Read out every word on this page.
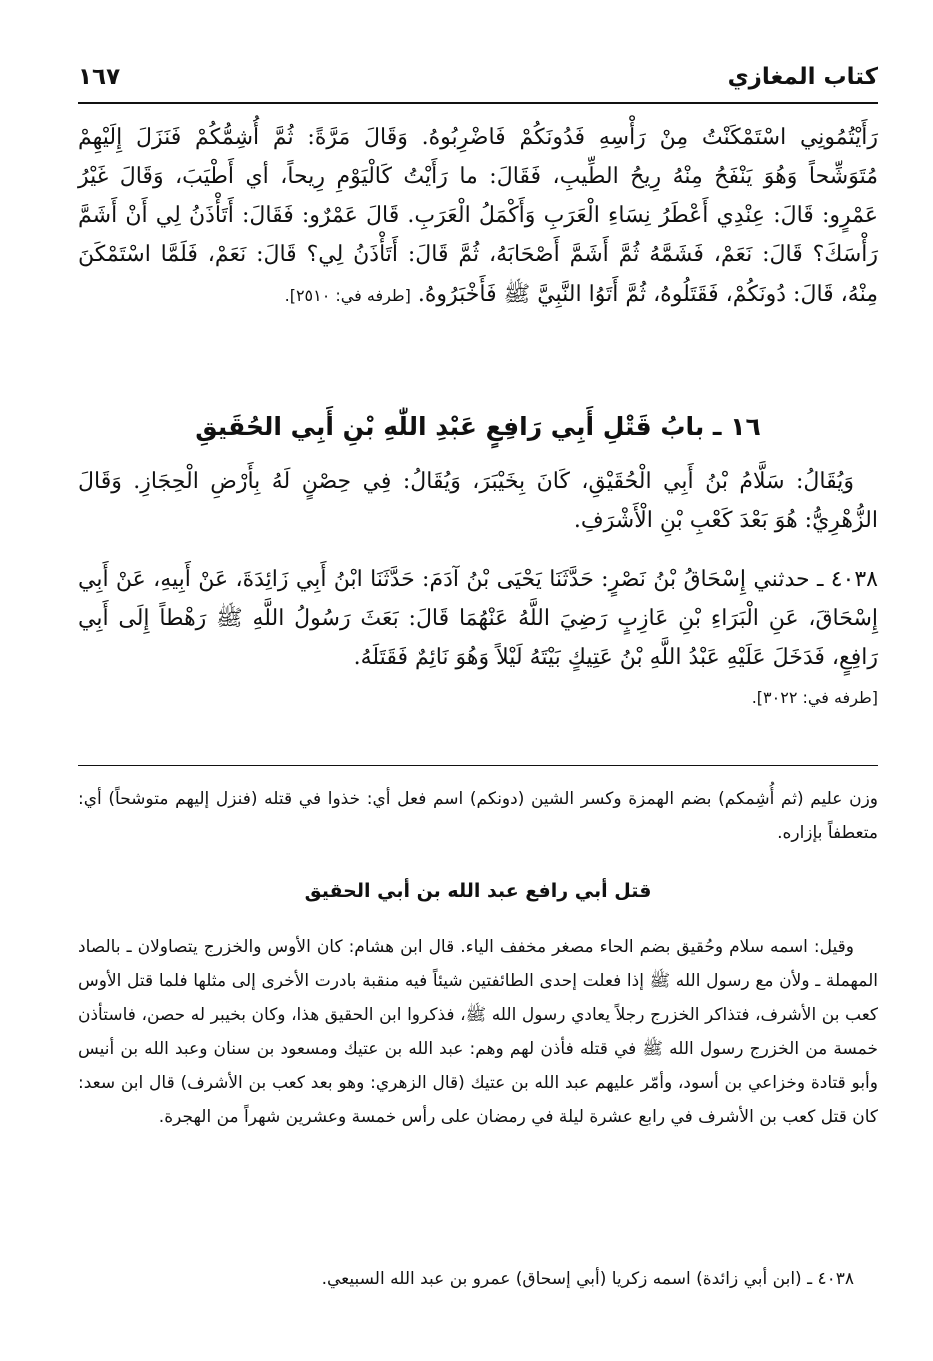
كتاب المغازي
١٦٧

رَأَيْتُمُونِي اسْتَمْكَنْتُ مِنْ رَأْسِهِ فَدُونَكُمْ فَاضْرِبُوهُ. وَقَالَ مَرَّةً: ثُمَّ أُشِمُّكُمْ فَنَزَلَ إِلَيْهِمْ مُتَوَشِّحاً وَهُوَ يَنْفَحُ مِنْهُ رِيحُ الطِّيبِ، فَقَالَ: ما رَأَيْتُ كَالْيَوْمِ رِيحاً، أي أَطْيَبَ، وَقَالَ غَيْرُ عَمْرٍو: قَالَ: عِنْدِي أَعْطَرُ نِسَاءِ الْعَرَبِ وَأَكْمَلُ الْعَرَبِ. قَالَ عَمْرٌو: فَقَالَ: أَتَأْذَنُ لِي أَنْ أَشَمَّ رَأْسَكَ؟ قَالَ: نَعَمْ، فَشَمَّهُ ثُمَّ أَشَمَّ أَصْحَابَهُ، ثُمَّ قَالَ: أَتَأْذَنُ لِي؟ قَالَ: نَعَمْ، فَلَمَّا اسْتَمْكَنَ مِنْهُ، قَالَ: دُونَكُمْ، فَقَتَلُوهُ، ثُمَّ أَتَوُا النَّبِيَّ ﷺ فَأَخْبَرُوهُ. [طرفه في: ٢٥١٠].

١٦ ـ بابُ قَتْلِ أَبِي رَافِعٍ عَبْدِ اللّٰهِ بْنِ أَبِي الحُقَيقِ

وَيُقَالُ: سَلَّامُ بْنُ أَبِي الْحُقَيْقِ، كَانَ بِخَيْبَرَ، وَيُقَالُ: فِي حِصْنٍ لَهُ بِأَرْضِ الْحِجَازِ. وَقَالَ الزُّهْرِيُّ: هُوَ بَعْدَ كَعْبِ بْنِ الْأَشْرَفِ.

٤٠٣٨ ـ حدثني إِسْحَاقُ بْنُ نَصْرٍ: حَدَّثَنَا يَحْيَى بْنُ آدَمَ: حَدَّثَنَا ابْنُ أَبِي زَائِدَةَ، عَنْ أَبِيهِ، عَنْ أَبِي إِسْحَاقَ، عَنِ الْبَرَاءِ بْنِ عَازِبٍ رَضِيَ اللَّهُ عَنْهُمَا قَالَ: بَعَثَ رَسُولُ اللَّهِ ﷺ رَهْطاً إِلَى أَبِي رَافِعٍ، فَدَخَلَ عَلَيْهِ عَبْدُ اللَّهِ بْنُ عَتِيكٍ بَيْتَهُ لَيْلاً وَهُوَ نَائِمٌ فَقَتَلَهُ.

[طرفه في: ٣٠٢٢].

وزن عليم (ثم أُشِمكم) بضم الهمزة وكسر الشين (دونكم) اسم فعل أي: خذوا في قتله (فنزل إليهم متوشحاً) أي: متعطفاً بإزاره.

قتل أبي رافع عبد الله بن أبي الحقيق

وقيل: اسمه سلام وحُقيق بضم الحاء مصغر مخفف الياء. قال ابن هشام: كان الأوس والخزرج يتصاولان ـ بالصاد المهملة ـ ولأن مع رسول الله ﷺ إذا فعلت إحدى الطائفتين شيئاً فيه منقبة بادرت الأخرى إلى مثلها فلما قتل الأوس كعب بن الأشرف، فتذاكر الخزرج رجلاً يعادي رسول الله ﷺ، فذكروا ابن الحقيق هذا، وكان بخيبر له حصن، فاستأذن خمسة من الخزرج رسول الله ﷺ في قتله فأذن لهم وهم: عبد الله بن عتيك ومسعود بن سنان وعبد الله بن أنيس وأبو قتادة وخزاعي بن أسود، وأمّر عليهم عبد الله بن عتيك (قال الزهري: وهو بعد كعب بن الأشرف) قال ابن سعد: كان قتل كعب بن الأشرف في رابع عشرة ليلة في رمضان على رأس خمسة وعشرين شهراً من الهجرة.

٤٠٣٨ ـ (ابن أبي زائدة) اسمه زكريا (أبي إسحاق) عمرو بن عبد الله السبيعي.
